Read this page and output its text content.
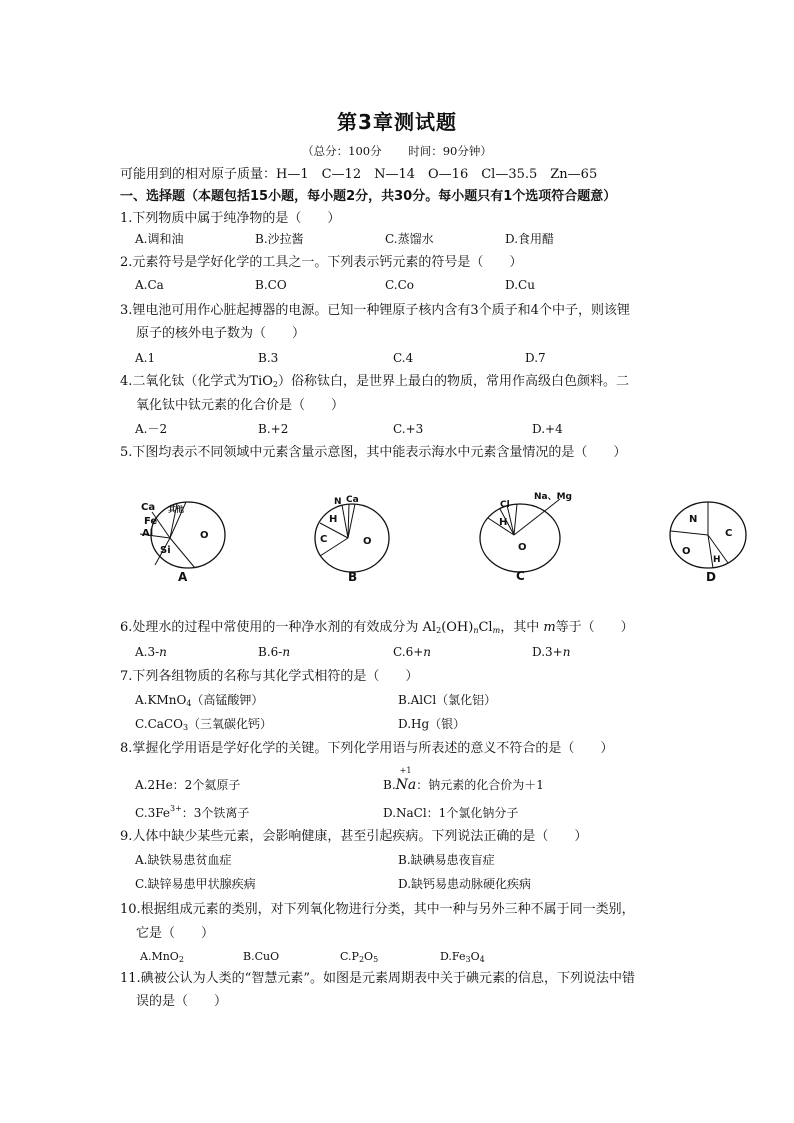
第3章测试题
（总分：100分　　 时间：90分钟）
可能用到的相对原子质量：H—1　C—12　N—14　O—16　Cl—35.5　Zn—65
一、选择题（本题包括15小题，每小题2分，共30分。每小题只有1个选项符合题意）
1.下列物质中属于纯净物的是（　　）
A.调和油	B.沙拉酱	C.蒸馏水	D.食用醋
2.元素符号是学好化学的工具之一。下列表示钙元素的符号是（　　）
A.Ca	B.CO	C.Co	D.Cu
3.锂电池可用作心脏起搏器的电源。已知一种锂原子核内含有3个质子和4个中子，则该锂
原子的核外电子数为（　　）
A.1	B.3	C.4	D.7
4.二氧化钛（化学式为TiO$_2$）俗称钛白，是世界上最白的物质，常用作高级白色颜料。二
氧化钛中钛元素的化合价是（　　）
A.－2	B.+2	C.+3	D.+4
5.下图均表示不同领域中元素含量示意图，其中能表示海水中元素含量情况的是（　　）
Ca
Fe
Al
其他
Si
O
A
N Ca
H
C	O
B
Cl
Na、Mg
H
O
C
N
C
O
H
D
6.处理水的过程中常使用的一种净水剂的有效成分为 $Al_2(OH)_nCl_m$，其中 m等于（　　）
A.3-n	B.6-n	C.6+n	D.3+n
7.下列各组物质的名称与其化学式相符的是（　　）
A.KMnO$_4$（高锰酸钾）	B.AlCl（氯化铝）
C.CaCO$_3$（三氧碳化钙）	D.Hg（银）
8.掌握化学用语是学好化学的关键。下列化学用语与所表述的意义不符合的是（　　）
A.2He：2个氦原子	B.
+1
Na：钠元素的化合价为＋1
$C.3Fe^{3+}$：3个铁离子	D.NaCl：1个氯化钠分子
9.人体中缺少某些元素，会影响健康，甚至引起疾病。下列说法正确的是（　　）
A.缺铁易患贫血症	B.缺碘易患夜盲症
C.缺锌易患甲状腺疾病	D.缺钙易患动脉硬化疾病
10.根据组成元素的类别，对下列氧化物进行分类，其中一种与另外三种不属于同一类别，
它是（　　）
A.MnO$_2$	B.CuO	$C.P_2O_5$	$D.Fe_3O_4$
11.碘被公认为人类的“智慧元素”。如图是元素周期表中关于碘元素的信息，下列说法中错
误的是（　　）
